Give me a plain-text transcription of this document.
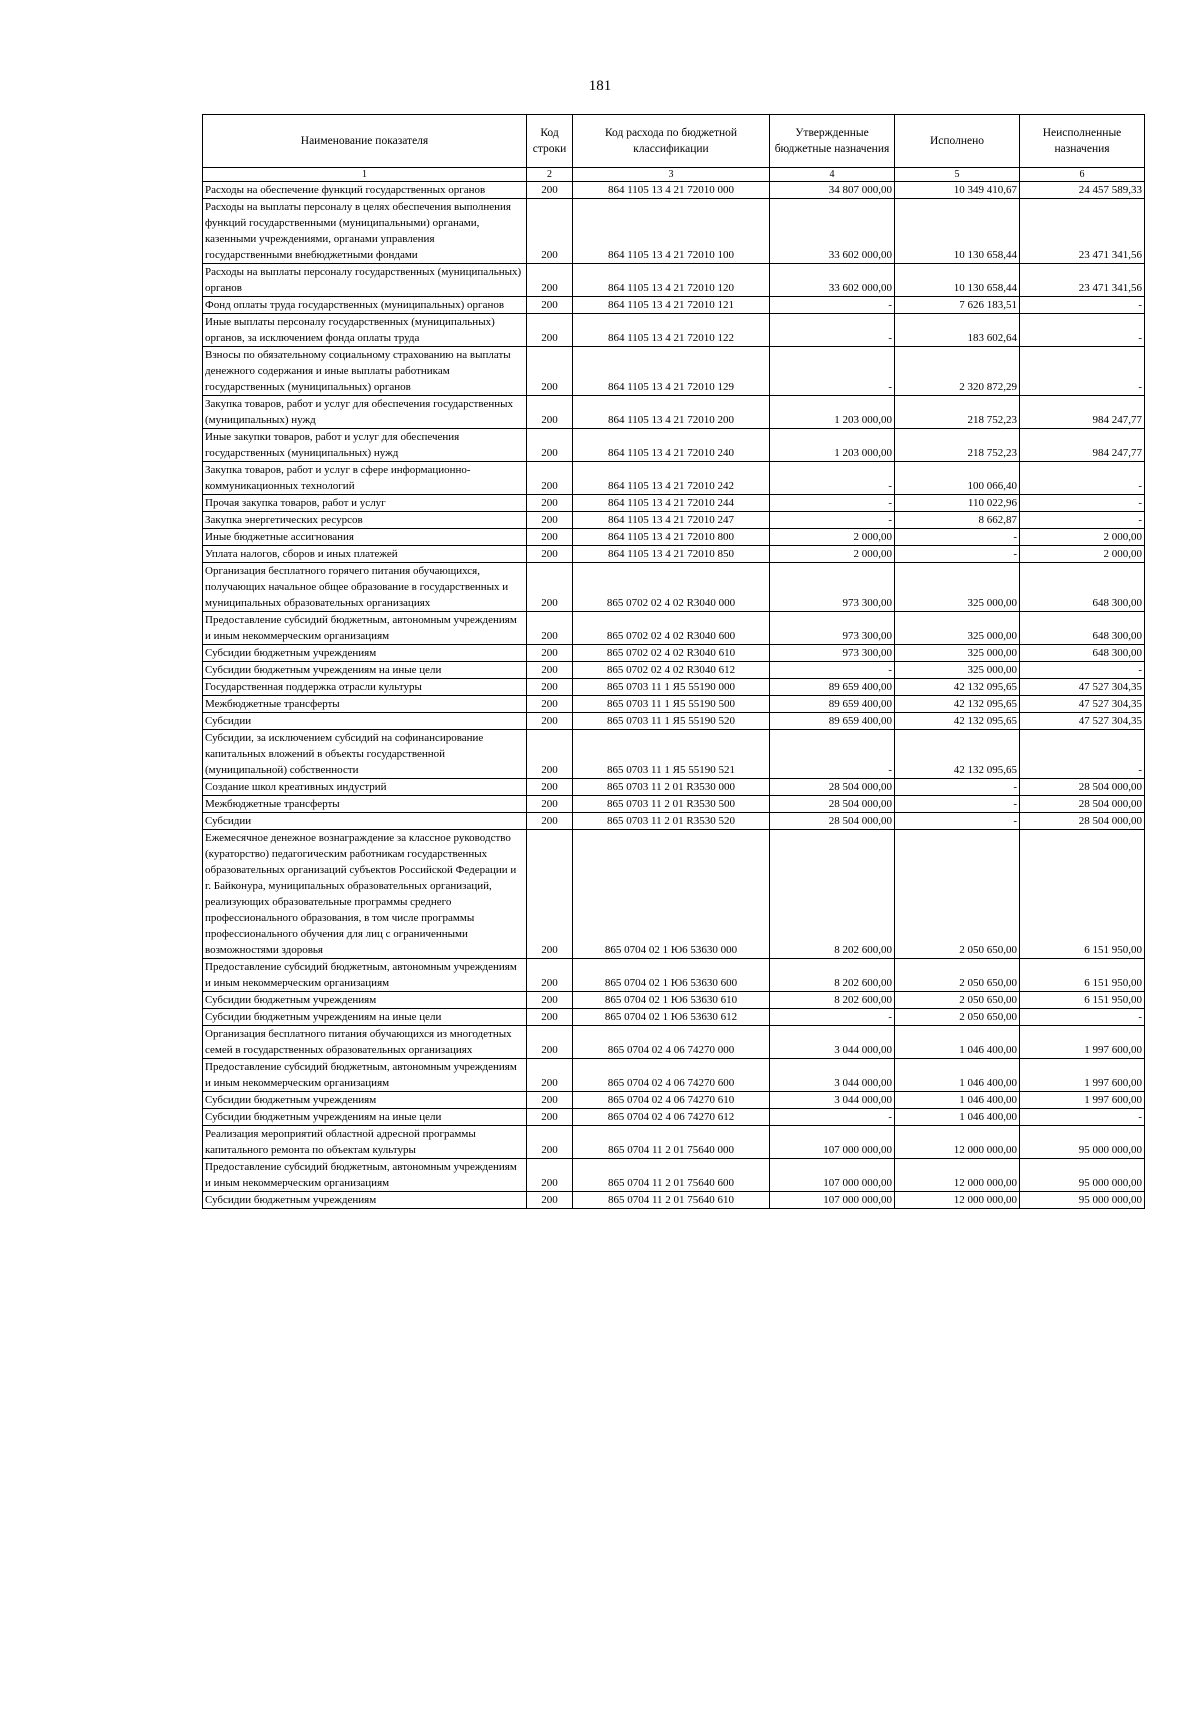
181
Наименование показателя	Код строки	Код расхода по бюджетной классификации	Утвержденные бюджетные назначения	Исполнено	Неисполненные назначения
1	2	3	4	5	6
Расходы на обеспечение функций государственных органов	200	864 1105 13 4 21 72010 000	34 807 000,00	10 349 410,67	24 457 589,33
Расходы на выплаты персоналу в целях обеспечения выполнения функций государственными (муниципальными) органами, казенными учреждениями, органами управления государственными внебюджетными фондами	200	864 1105 13 4 21 72010 100	33 602 000,00	10 130 658,44	23 471 341,56
Расходы на выплаты персоналу государственных (муниципальных) органов	200	864 1105 13 4 21 72010 120	33 602 000,00	10 130 658,44	23 471 341,56
Фонд оплаты труда государственных (муниципальных) органов	200	864 1105 13 4 21 72010 121	-	7 626 183,51	-
Иные выплаты персоналу государственных (муниципальных) органов, за исключением фонда оплаты труда	200	864 1105 13 4 21 72010 122	-	183 602,64	-
Взносы по обязательному социальному страхованию на выплаты денежного содержания и иные выплаты работникам государственных (муниципальных) органов	200	864 1105 13 4 21 72010 129	-	2 320 872,29	-
Закупка товаров, работ и услуг для обеспечения государственных (муниципальных) нужд	200	864 1105 13 4 21 72010 200	1 203 000,00	218 752,23	984 247,77
Иные закупки товаров, работ и услуг для обеспечения государственных (муниципальных) нужд	200	864 1105 13 4 21 72010 240	1 203 000,00	218 752,23	984 247,77
Закупка товаров, работ и услуг в сфере информационно-коммуникационных технологий	200	864 1105 13 4 21 72010 242	-	100 066,40	-
Прочая закупка товаров, работ и услуг	200	864 1105 13 4 21 72010 244	-	110 022,96	-
Закупка энергетических ресурсов	200	864 1105 13 4 21 72010 247	-	8 662,87	-
Иные бюджетные ассигнования	200	864 1105 13 4 21 72010 800	2 000,00	-	2 000,00
Уплата налогов, сборов и иных платежей	200	864 1105 13 4 21 72010 850	2 000,00	-	2 000,00
Организация бесплатного горячего питания обучающихся, получающих начальное общее образование в государственных и муниципальных образовательных организациях	200	865 0702 02 4 02 R3040 000	973 300,00	325 000,00	648 300,00
Предоставление субсидий бюджетным, автономным учреждениям и иным некоммерческим организациям	200	865 0702 02 4 02 R3040 600	973 300,00	325 000,00	648 300,00
Субсидии бюджетным учреждениям	200	865 0702 02 4 02 R3040 610	973 300,00	325 000,00	648 300,00
Субсидии бюджетным учреждениям на иные цели	200	865 0702 02 4 02 R3040 612	-	325 000,00	-
Государственная поддержка отрасли культуры	200	865 0703 11 1 Я5 55190 000	89 659 400,00	42 132 095,65	47 527 304,35
Межбюджетные трансферты	200	865 0703 11 1 Я5 55190 500	89 659 400,00	42 132 095,65	47 527 304,35
Субсидии	200	865 0703 11 1 Я5 55190 520	89 659 400,00	42 132 095,65	47 527 304,35
Субсидии, за исключением субсидий на софинансирование капитальных вложений в объекты государственной (муниципальной) собственности	200	865 0703 11 1 Я5 55190 521	-	42 132 095,65	-
Создание школ креативных индустрий	200	865 0703 11 2 01 R3530 000	28 504 000,00	-	28 504 000,00
Межбюджетные трансферты	200	865 0703 11 2 01 R3530 500	28 504 000,00	-	28 504 000,00
Субсидии	200	865 0703 11 2 01 R3530 520	28 504 000,00	-	28 504 000,00
Ежемесячное денежное вознаграждение за классное руководство (кураторство) педагогическим работникам государственных образовательных организаций субъектов Российской Федерации и г. Байконура, муниципальных образовательных организаций, реализующих образовательные программы среднего профессионального образования, в том числе программы профессионального обучения для лиц с ограниченными возможностями здоровья	200	865 0704 02 1 Ю6 53630 000	8 202 600,00	2 050 650,00	6 151 950,00
Предоставление субсидий бюджетным, автономным учреждениям и иным некоммерческим организациям	200	865 0704 02 1 Ю6 53630 600	8 202 600,00	2 050 650,00	6 151 950,00
Субсидии бюджетным учреждениям	200	865 0704 02 1 Ю6 53630 610	8 202 600,00	2 050 650,00	6 151 950,00
Субсидии бюджетным учреждениям на иные цели	200	865 0704 02 1 Ю6 53630 612	-	2 050 650,00	-
Организация бесплатного питания обучающихся из многодетных семей в государственных образовательных организациях	200	865 0704 02 4 06 74270 000	3 044 000,00	1 046 400,00	1 997 600,00
Предоставление субсидий бюджетным, автономным учреждениям и иным некоммерческим организациям	200	865 0704 02 4 06 74270 600	3 044 000,00	1 046 400,00	1 997 600,00
Субсидии бюджетным учреждениям	200	865 0704 02 4 06 74270 610	3 044 000,00	1 046 400,00	1 997 600,00
Субсидии бюджетным учреждениям на иные цели	200	865 0704 02 4 06 74270 612	-	1 046 400,00	-
Реализация мероприятий областной адресной программы капитального ремонта по объектам культуры	200	865 0704 11 2 01 75640 000	107 000 000,00	12 000 000,00	95 000 000,00
Предоставление субсидий бюджетным, автономным учреждениям и иным некоммерческим организациям	200	865 0704 11 2 01 75640 600	107 000 000,00	12 000 000,00	95 000 000,00
Субсидии бюджетным учреждениям	200	865 0704 11 2 01 75640 610	107 000 000,00	12 000 000,00	95 000 000,00
